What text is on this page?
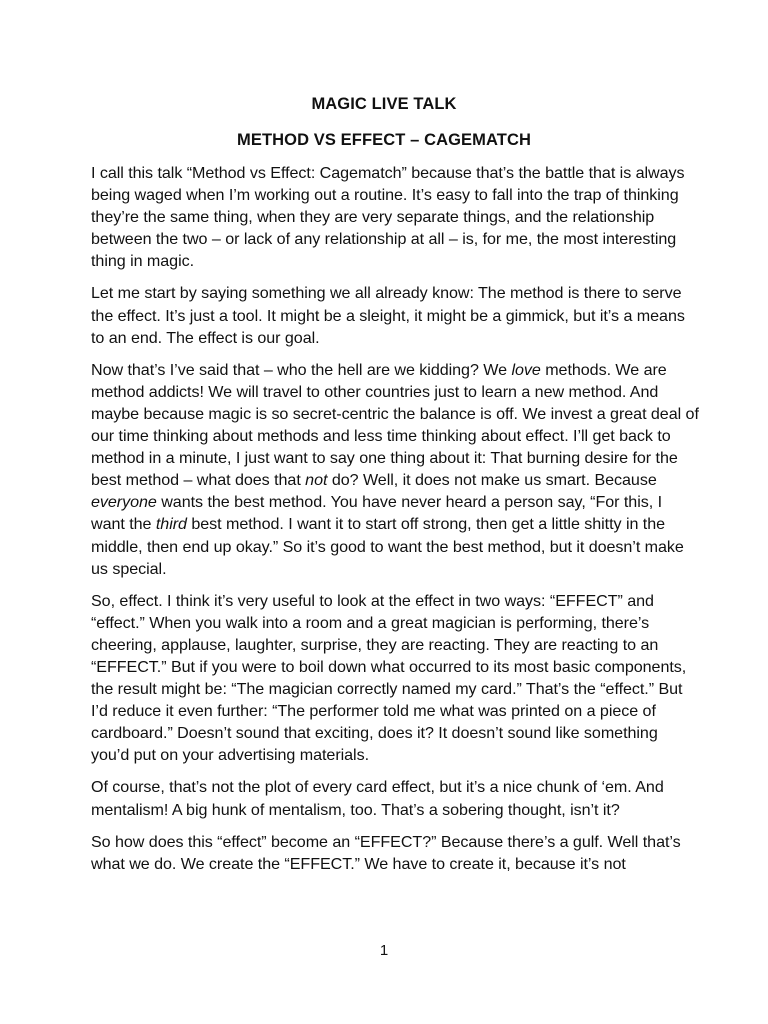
MAGIC LIVE TALK
METHOD VS EFFECT – CAGEMATCH

I call this talk “Method vs Effect: Cagematch” because that’s the battle that is always being waged when I’m working out a routine. It’s easy to fall into the trap of thinking they’re the same thing, when they are very separate things, and the relationship between the two – or lack of any relationship at all – is, for me, the most interesting thing in magic.

Let me start by saying something we all already know: The method is there to serve the effect. It’s just a tool. It might be a sleight, it might be a gimmick, but it’s a means to an end. The effect is our goal.

Now that’s I’ve said that – who the hell are we kidding? We love methods. We are method addicts! We will travel to other countries just to learn a new method. And maybe because magic is so secret-centric the balance is off. We invest a great deal of our time thinking about methods and less time thinking about effect. I’ll get back to method in a minute, I just want to say one thing about it: That burning desire for the best method – what does that not do? Well, it does not make us smart. Because everyone wants the best method. You have never heard a person say, “For this, I want the third best method. I want it to start off strong, then get a little shitty in the middle, then end up okay.” So it’s good to want the best method, but it doesn’t make us special.

So, effect. I think it’s very useful to look at the effect in two ways: “EFFECT” and “effect.” When you walk into a room and a great magician is performing, there’s cheering, applause, laughter, surprise, they are reacting. They are reacting to an “EFFECT.” But if you were to boil down what occurred to its most basic components, the result might be: “The magician correctly named my card.” That’s the “effect.” But I’d reduce it even further: “The performer told me what was printed on a piece of cardboard.” Doesn’t sound that exciting, does it? It doesn’t sound like something you’d put on your advertising materials.

Of course, that’s not the plot of every card effect, but it’s a nice chunk of ‘em. And mentalism! A big hunk of mentalism, too. That’s a sobering thought, isn’t it?

So how does this “effect” become an “EFFECT?” Because there’s a gulf. Well that’s what we do. We create the “EFFECT.” We have to create it, because it’s not

1
